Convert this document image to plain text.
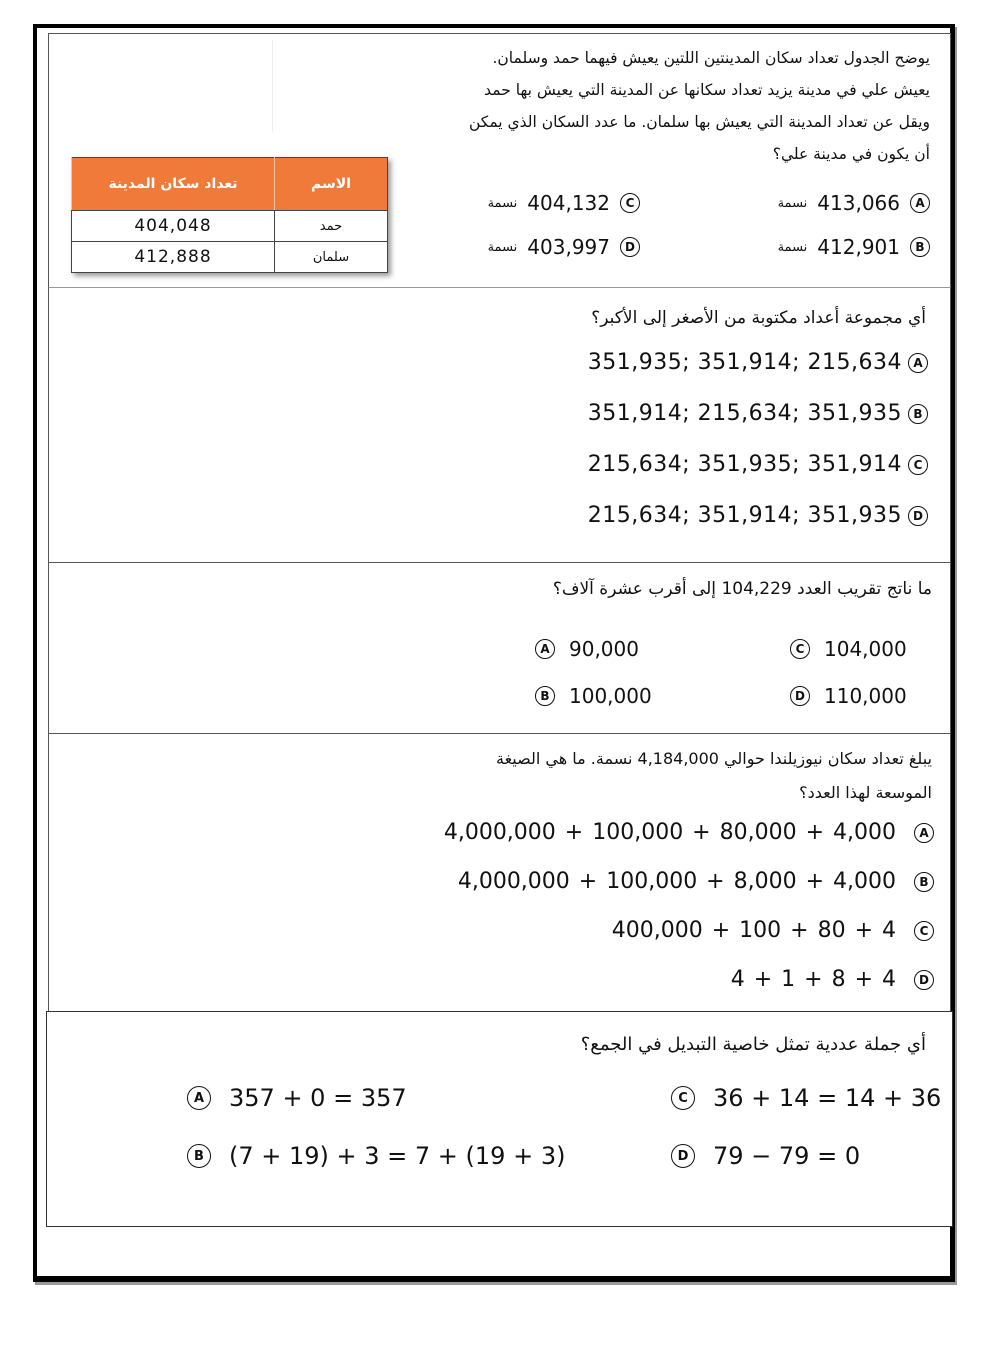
يوضح الجدول تعداد سكان المدينتين اللتين يعيش فيهما حمد وسلمان.
يعيش علي في مدينة يزيد تعداد سكانها عن المدينة التي يعيش بها حمد
ويقل عن تعداد المدينة التي يعيش بها سلمان. ما عدد السكان الذي يمكن
أن يكون في مدينة علي؟
الاسم	تعداد سكان المدينة
حمد	404,048
سلمان	412,888
A
413,066
نسمة
B
412,901
نسمة
C
404,132
نسمة
D
403,997
نسمة
أي مجموعة أعداد مكتوبة من الأصغر إلى الأكبر؟
A
351,935; 351,914; 215,634
B
351,914; 215,634; 351,935
C
215,634; 351,935; 351,914
D
215,634; 351,914; 351,935
ما ناتج تقريب العدد 104,229 إلى أقرب عشرة آلاف؟
A 90,000
B 100,000
C 104,000
D 110,000
يبلغ تعداد سكان نيوزيلندا حوالي 4,184,000 نسمة. ما هي الصيغة
الموسعة لهذا العدد؟
A
4,000,000 + 100,000 + 80,000 + 4,000
B
4,000,000 + 100,000 + 8,000 + 4,000
C
400,000 + 100 + 80 + 4
D
4 + 1 + 8 + 4
أي جملة عددية تمثل خاصية التبديل في الجمع؟
A 357 + 0 = 357
B (7 + 19) + 3 = 7 + (19 + 3)
C	36 + 14 = 14 + 36
D 79 − 79 = 0
